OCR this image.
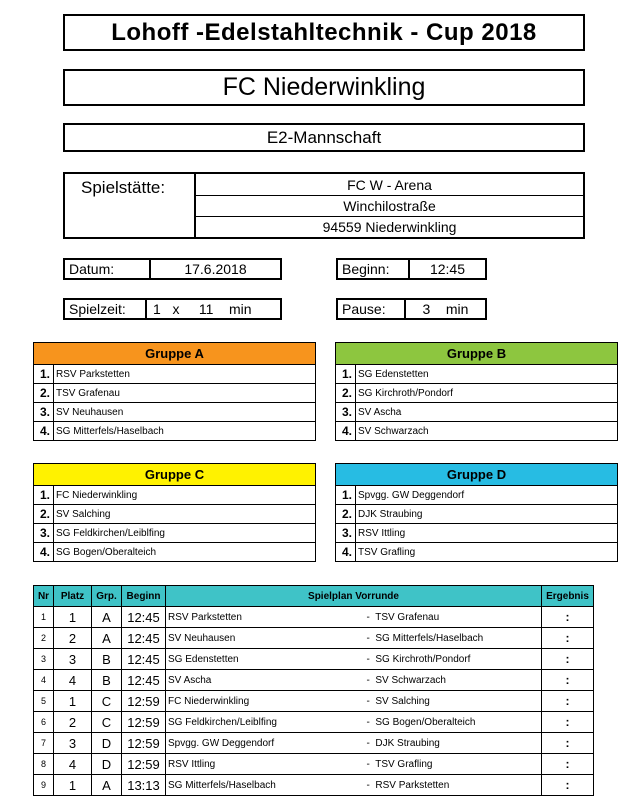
Lohoff -Edelstahltechnik - Cup 2018
FC Niederwinkling
E2-Mannschaft
Spielstätte:	FC W - Arena
Winchilostraße
94559 Niederwinkling
Datum:	17.6.2018	Beginn:	12:45
Spielzeit:	1   x     11    min	Pause:	3    min
Gruppe A	
1.	RSV Parkstetten
2.	TSV Grafenau
3.	SV Neuhausen
4.	SG Mitterfels/Haselbach
Gruppe B	
1.	SG Edenstetten
2.	SG Kirchroth/Pondorf
3.	SV Ascha
4.	SV Schwarzach
Gruppe C	
1.	FC Niederwinkling
2.	SV Salching
3.	SG Feldkirchen/Leiblfing
4.	SG Bogen/Oberalteich
Gruppe D	
1.	Spvgg. GW Deggendorf
2.	DJK Straubing
3.	RSV Ittling
4.	TSV Grafling
Nr	Platz	Grp.	Beginn	Spielplan Vorrunde		Ergebnis
1	1	A	12:45	RSV Parkstetten	-  TSV Grafenau	:
2	2	A	12:45	SV Neuhausen	-  SG Mitterfels/Haselbach	:
3	3	B	12:45	SG Edenstetten	-  SG Kirchroth/Pondorf	:
4	4	B	12:45	SV Ascha	-  SV Schwarzach	:
5	1	C	12:59	FC Niederwinkling	-  SV Salching	:
6	2	C	12:59	SG Feldkirchen/Leiblfing	-  SG Bogen/Oberalteich	:
7	3	D	12:59	Spvgg. GW Deggendorf	-  DJK Straubing	:
8	4	D	12:59	RSV Ittling	-  TSV Grafling	:
9	1	A	13:13	SG Mitterfels/Haselbach	-  RSV Parkstetten	:
